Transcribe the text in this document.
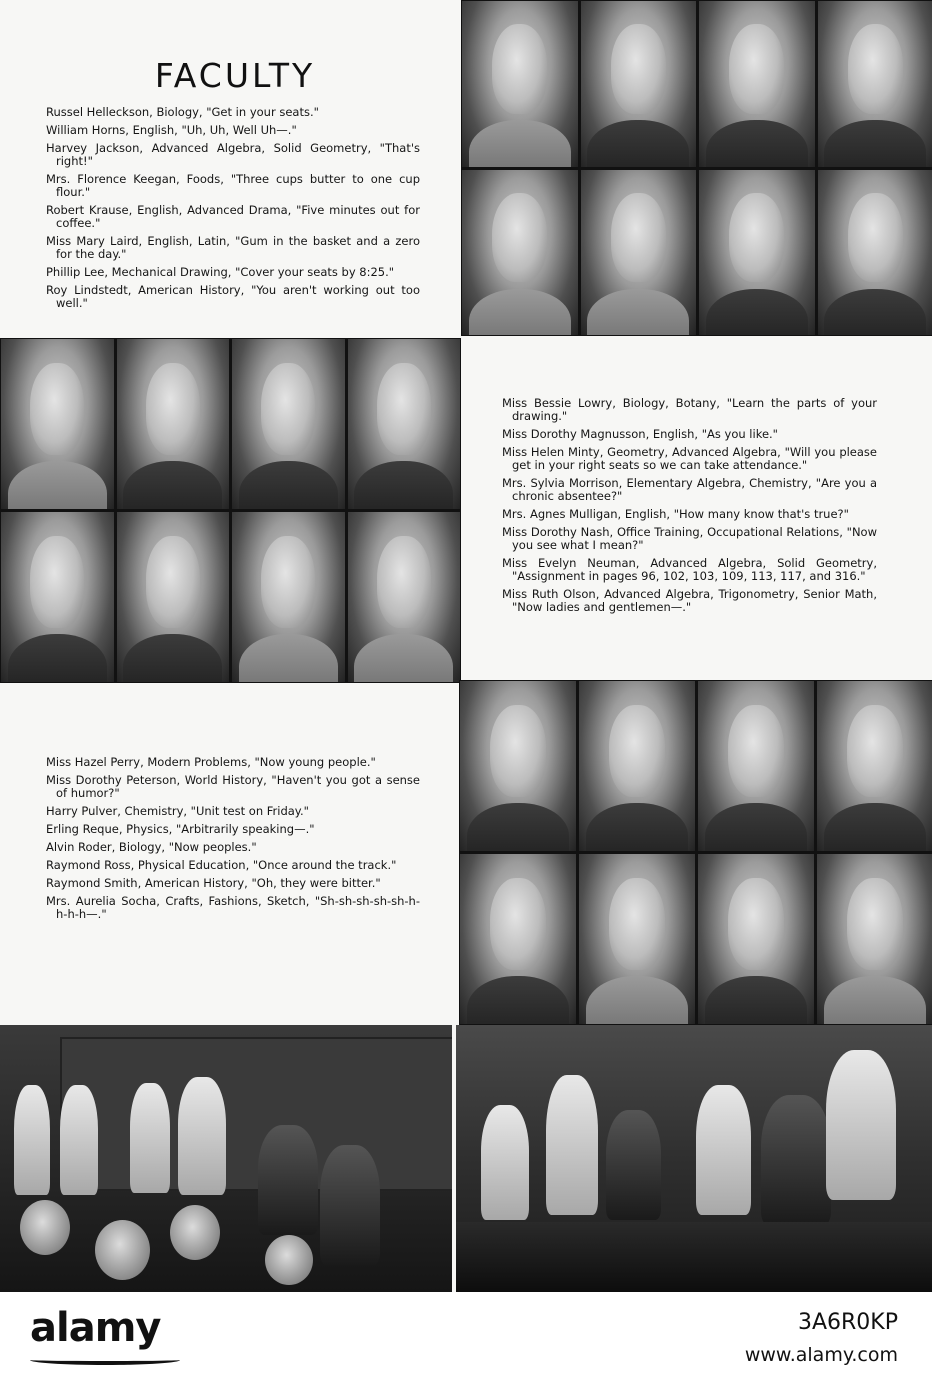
FACULTY

Russel Helleckson, Biology, "Get in your seats."

William Horns, English, "Uh, Uh, Well Uh—."

Harvey Jackson, Advanced Algebra, Solid Geometry, "That's right!"

Mrs. Florence Keegan, Foods, "Three cups butter to one cup flour."

Robert Krause, English, Advanced Drama, "Five minutes out for coffee."

Miss Mary Laird, English, Latin, "Gum in the basket and a zero for the day."

Phillip Lee, Mechanical Drawing, "Cover your seats by 8:25."

Roy Lindstedt, American History, "You aren't working out too well."

Miss Bessie Lowry, Biology, Botany, "Learn the parts of your drawing."

Miss Dorothy Magnusson, English, "As you like."

Miss Helen Minty, Geometry, Advanced Algebra, "Will you please get in your right seats so we can take attendance."

Mrs. Sylvia Morrison, Elementary Algebra, Chemistry, "Are you a chronic absentee?"

Mrs. Agnes Mulligan, English, "How many know that's true?"

Miss Dorothy Nash, Office Training, Occupational Relations, "Now you see what I mean?"

Miss Evelyn Neuman, Advanced Algebra, Solid Geometry, "Assignment in pages 96, 102, 103, 109, 113, 117, and 316."

Miss Ruth Olson, Advanced Algebra, Trigonometry, Senior Math, "Now ladies and gentlemen—."

Miss Hazel Perry, Modern Problems, "Now young people."

Miss Dorothy Peterson, World History, "Haven't you got a sense of humor?"

Harry Pulver, Chemistry, "Unit test on Friday."

Erling Reque, Physics, "Arbitrarily speaking—."

Alvin Roder, Biology, "Now peoples."

Raymond Ross, Physical Education, "Once around the track."

Raymond Smith, American History, "Oh, they were bitter."

Mrs. Aurelia Socha, Crafts, Fashions, Sketch, "Sh-sh-sh-sh-sh-h-h-h-h—."

alamy	3A6R0KP
www.alamy.com
